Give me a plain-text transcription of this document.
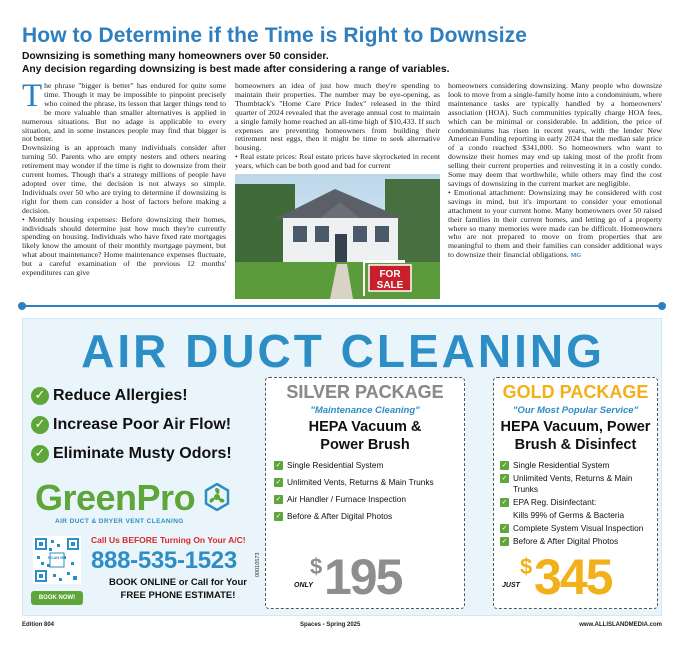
How to Determine if the Time is Right to Downsize
Downsizing is something many homeowners over 50 consider.
Any decision regarding downsizing is best made after considering a range of variables.

The phrase "bigger is better" has endured for quite some time. Though it may be impossible to pinpoint precisely who coined the phrase, its lesson that larger things tend to be more valuable than smaller alternatives is applied in numerous situations. But no adage is applicable to every situation, and in some instances people may find that bigger is not better.

Downsizing is an approach many individuals consider after turning 50. Parents who are empty nesters and others nearing retirement may wonder if the time is right to downsize from their current homes. Though that's a strategy millions of people have adopted over time, the decision is not always so simple. Individuals over 50 who are trying to determine if downsizing is right for them can consider a host of factors before making a decision.

• Monthly housing expenses: Before downsizing their homes, individuals should determine just how much they're currently spending on housing. Individuals who have fixed rate mortgages likely know the amount of their monthly mortgage payment, but what about maintenance? Home maintenance expenses fluctuate, but a careful examination of the previous 12 months' expenditures can give

homeowners an idea of just how much they're spending to maintain their properties. The number may be eye-opening, as Thumbtack's "Home Care Price Index" released in the third quarter of 2024 revealed that the average annual cost to maintain a single family home reached an all-time high of $10,433. If such expenses are preventing homeowners from building their retirement nest eggs, then it might be time to seek alternative housing.

• Real estate prices: Real estate prices have skyrocketed in recent years, which can be both good and bad for current

homeowners considering downsizing. Many people who downsize look to move from a single-family home into a condominium, where maintenance tasks are typically handled by a homeowners' association (HOA). Such communities typically charge HOA fees, which can be minimal or considerable. In addition, the price of condominiums has risen in recent years, with the lender New American Funding reporting in early 2024 that the median sale price of a condo reached $341,000. So homeowners who want to downsize their homes may end up taking most of the profit from selling their current properties and reinvesting it in a costly condo. Some may deem that worthwhile, while others may find the cost savings of downsizing in the current market are negligible.

• Emotional attachment: Downsizing may be considered with cost savings in mind, but it's important to consider your emotional attachment to your current home. Many homeowners over 50 raised their families in their current homes, and letting go of a property where so many memories were made can be difficult. Homeowners who are not prepared to move on from properties that are meaningful to them and their families can consider additional ways to downsize their financial obligations. MG

FOR
SALE
AIR DUCT CLEANING
✓ Reduce Allergies!
✓ Increase Poor Air Flow!
✓ Eliminate Musty Odors!
GreenPro
AIR DUCT & DRYER VENT CLEANING
SCAN ME
BOOK NOW!
Call Us BEFORE Turning On Your A/C!
888-535-1523
BOOK ONLINE or Call for Your
FREE PHONE ESTIMATE!
00010573
SILVER PACKAGE
"Maintenance Cleaning"
HEPA Vacuum &
Power Brush
✓ Single Residential System
✓ Unlimited Vents, Returns & Main Trunks
✓ Air Handler / Furnace Inspection
✓ Before & After Digital Photos
ONLY
$ 195
GOLD PACKAGE
"Our Most Popular Service"
HEPA Vacuum, Power
Brush & Disinfect
✓ Single Residential System
✓ Unlimited Vents, Returns & Main Trunks
✓ EPA Reg. Disinfectant:
Kills 99% of Germs & Bacteria
✓ Complete System Visual Inspection
✓ Before & After Digital Photos
JUST
$ 345
Edition 804	Spaces - Spring 2025	www.ALLISLANDMEDIA.com
